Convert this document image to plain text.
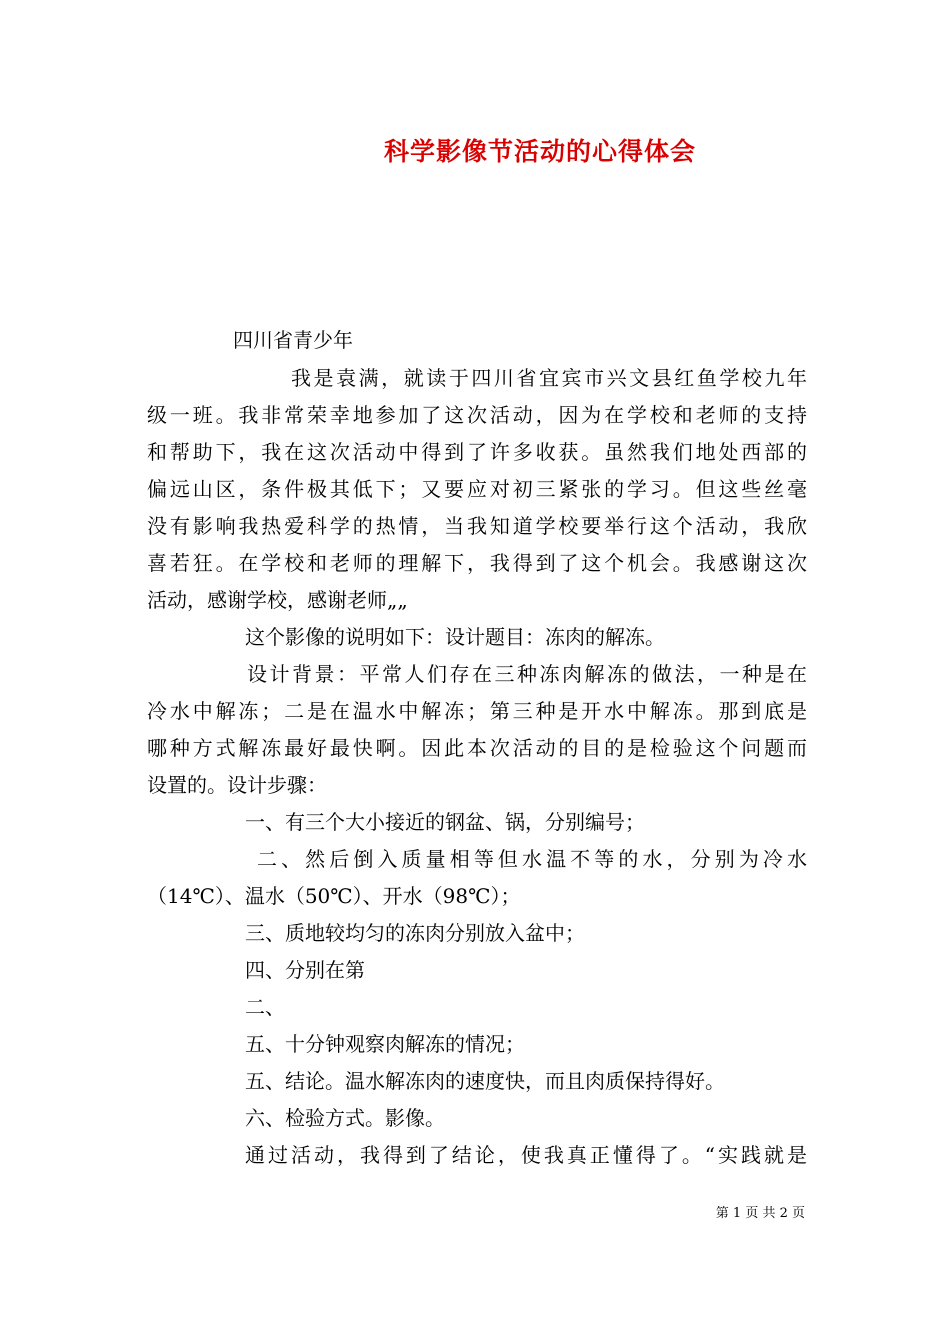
科学影像节活动的心得体会
四川省青少年
我是袁满，就读于四川省宜宾市兴文县红鱼学校九年
级一班。我非常荣幸地参加了这次活动，因为在学校和老师的支持
和帮助下，我在这次活动中得到了许多收获。虽然我们地处西部的
偏远山区，条件极其低下；又要应对初三紧张的学习。但这些丝毫
没有影响我热爱科学的热情，当我知道学校要举行这个活动，我欣
喜若狂。在学校和老师的理解下，我得到了这个机会。我感谢这次
活动，感谢学校，感谢老师„„
这个影像的说明如下：设计题目：冻肉的解冻。
设计背景：平常人们存在三种冻肉解冻的做法，一种是在
冷水中解冻；二是在温水中解冻；第三种是开水中解冻。那到底是
哪种方式解冻最好最快啊。因此本次活动的目的是检验这个问题而
设置的。设计步骤：
一、有三个大小接近的钢盆、锅，分别编号；
二、然后倒入质量相等但水温不等的水，分别为冷水
（14℃）、温水（50℃）、开水（98℃）；
三、质地较均匀的冻肉分别放入盆中；
四、分别在第
二、
五、十分钟观察肉解冻的情况；
五、结论。温水解冻肉的速度快，而且肉质保持得好。
六、检验方式。影像。
通过活动，我得到了结论，使我真正懂得了。“实践就是
第 1 页 共 2 页
